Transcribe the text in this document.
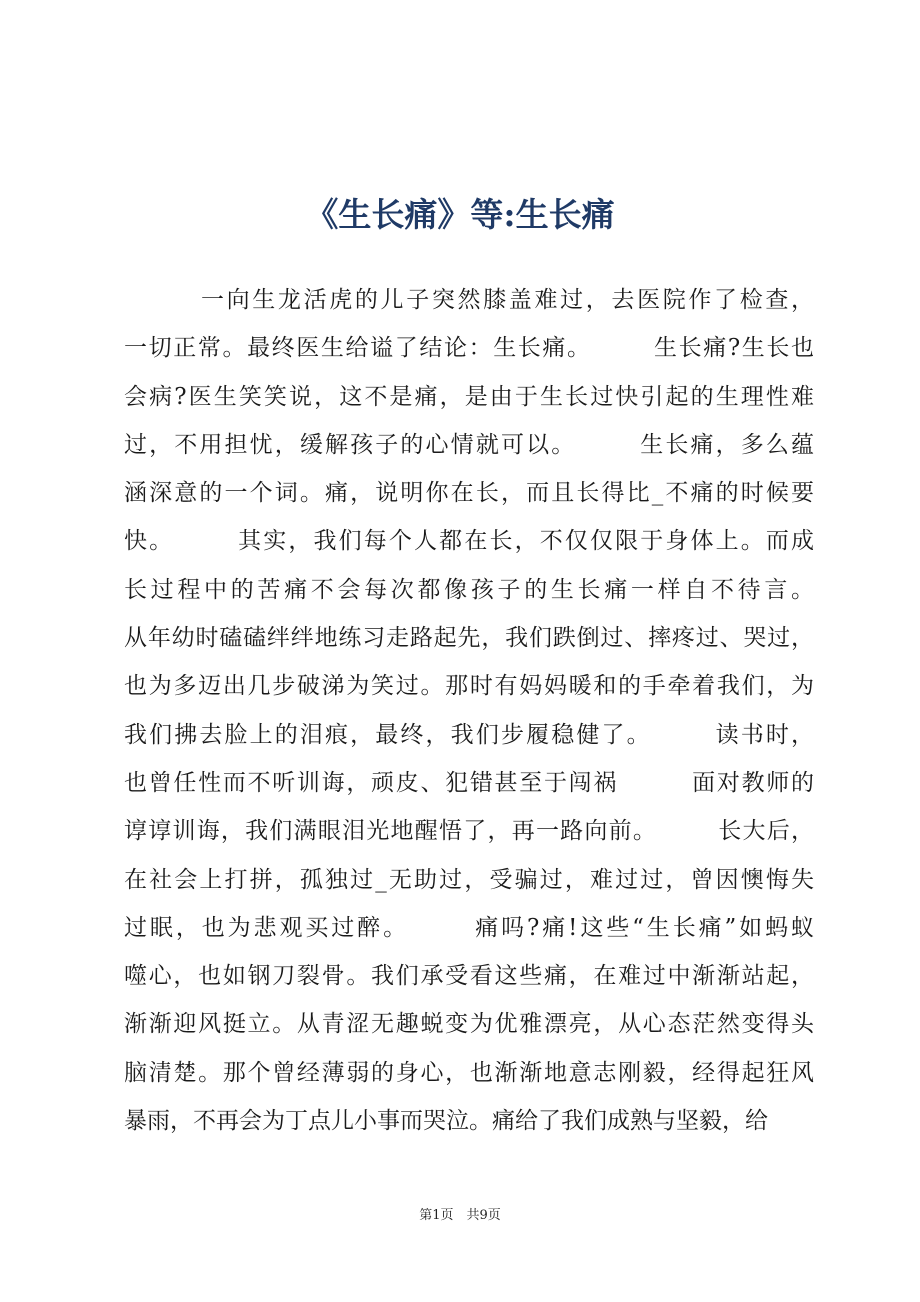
《生长痛》等:生长痛
　　　一向生龙活虎的儿子突然膝盖难过，去医院作了检查，
一切正常。最终医生给谥了结论：生长痛。　　　生长痛?生长也
会病?医生笑笑说，这不是痛，是由于生长过快引起的生理性难
过，不用担忧，缓解孩子的心情就可以。　　　生长痛，多么蕴
涵深意的一个词。痛，说明你在长，而且长得比_不痛的时候要
快。　　　其实，我们每个人都在长，不仅仅限于身体上。而成
长过程中的苦痛不会每次都像孩子的生长痛一样自不待言。
从年幼时磕磕绊绊地练习走路起先，我们跌倒过、摔疼过、哭过，
也为多迈出几步破涕为笑过。那时有妈妈暖和的手牵着我们，为
我们拂去脸上的泪痕，最终，我们步履稳健了。　　　读书时，
也曾任性而不听训诲，顽皮、犯错甚至于闯祸　　　面对教师的
谆谆训诲，我们满眼泪光地醒悟了，再一路向前。　　　长大后，
在社会上打拼，孤独过_无助过，受骗过，难过过，曾因懊悔失
过眠，也为悲观买过醉。　　　痛吗?痛!这些“生长痛”如蚂蚁
噬心，也如钢刀裂骨。我们承受看这些痛，在难过中渐渐站起，
渐渐迎风挺立。从青涩无趣蜕变为优雅漂亮，从心态茫然变得头
脑清楚。那个曾经薄弱的身心，也渐渐地意志刚毅，经得起狂风
暴雨，不再会为丁点儿小事而哭泣。痛给了我们成熟与坚毅，给
第1页　共9页
